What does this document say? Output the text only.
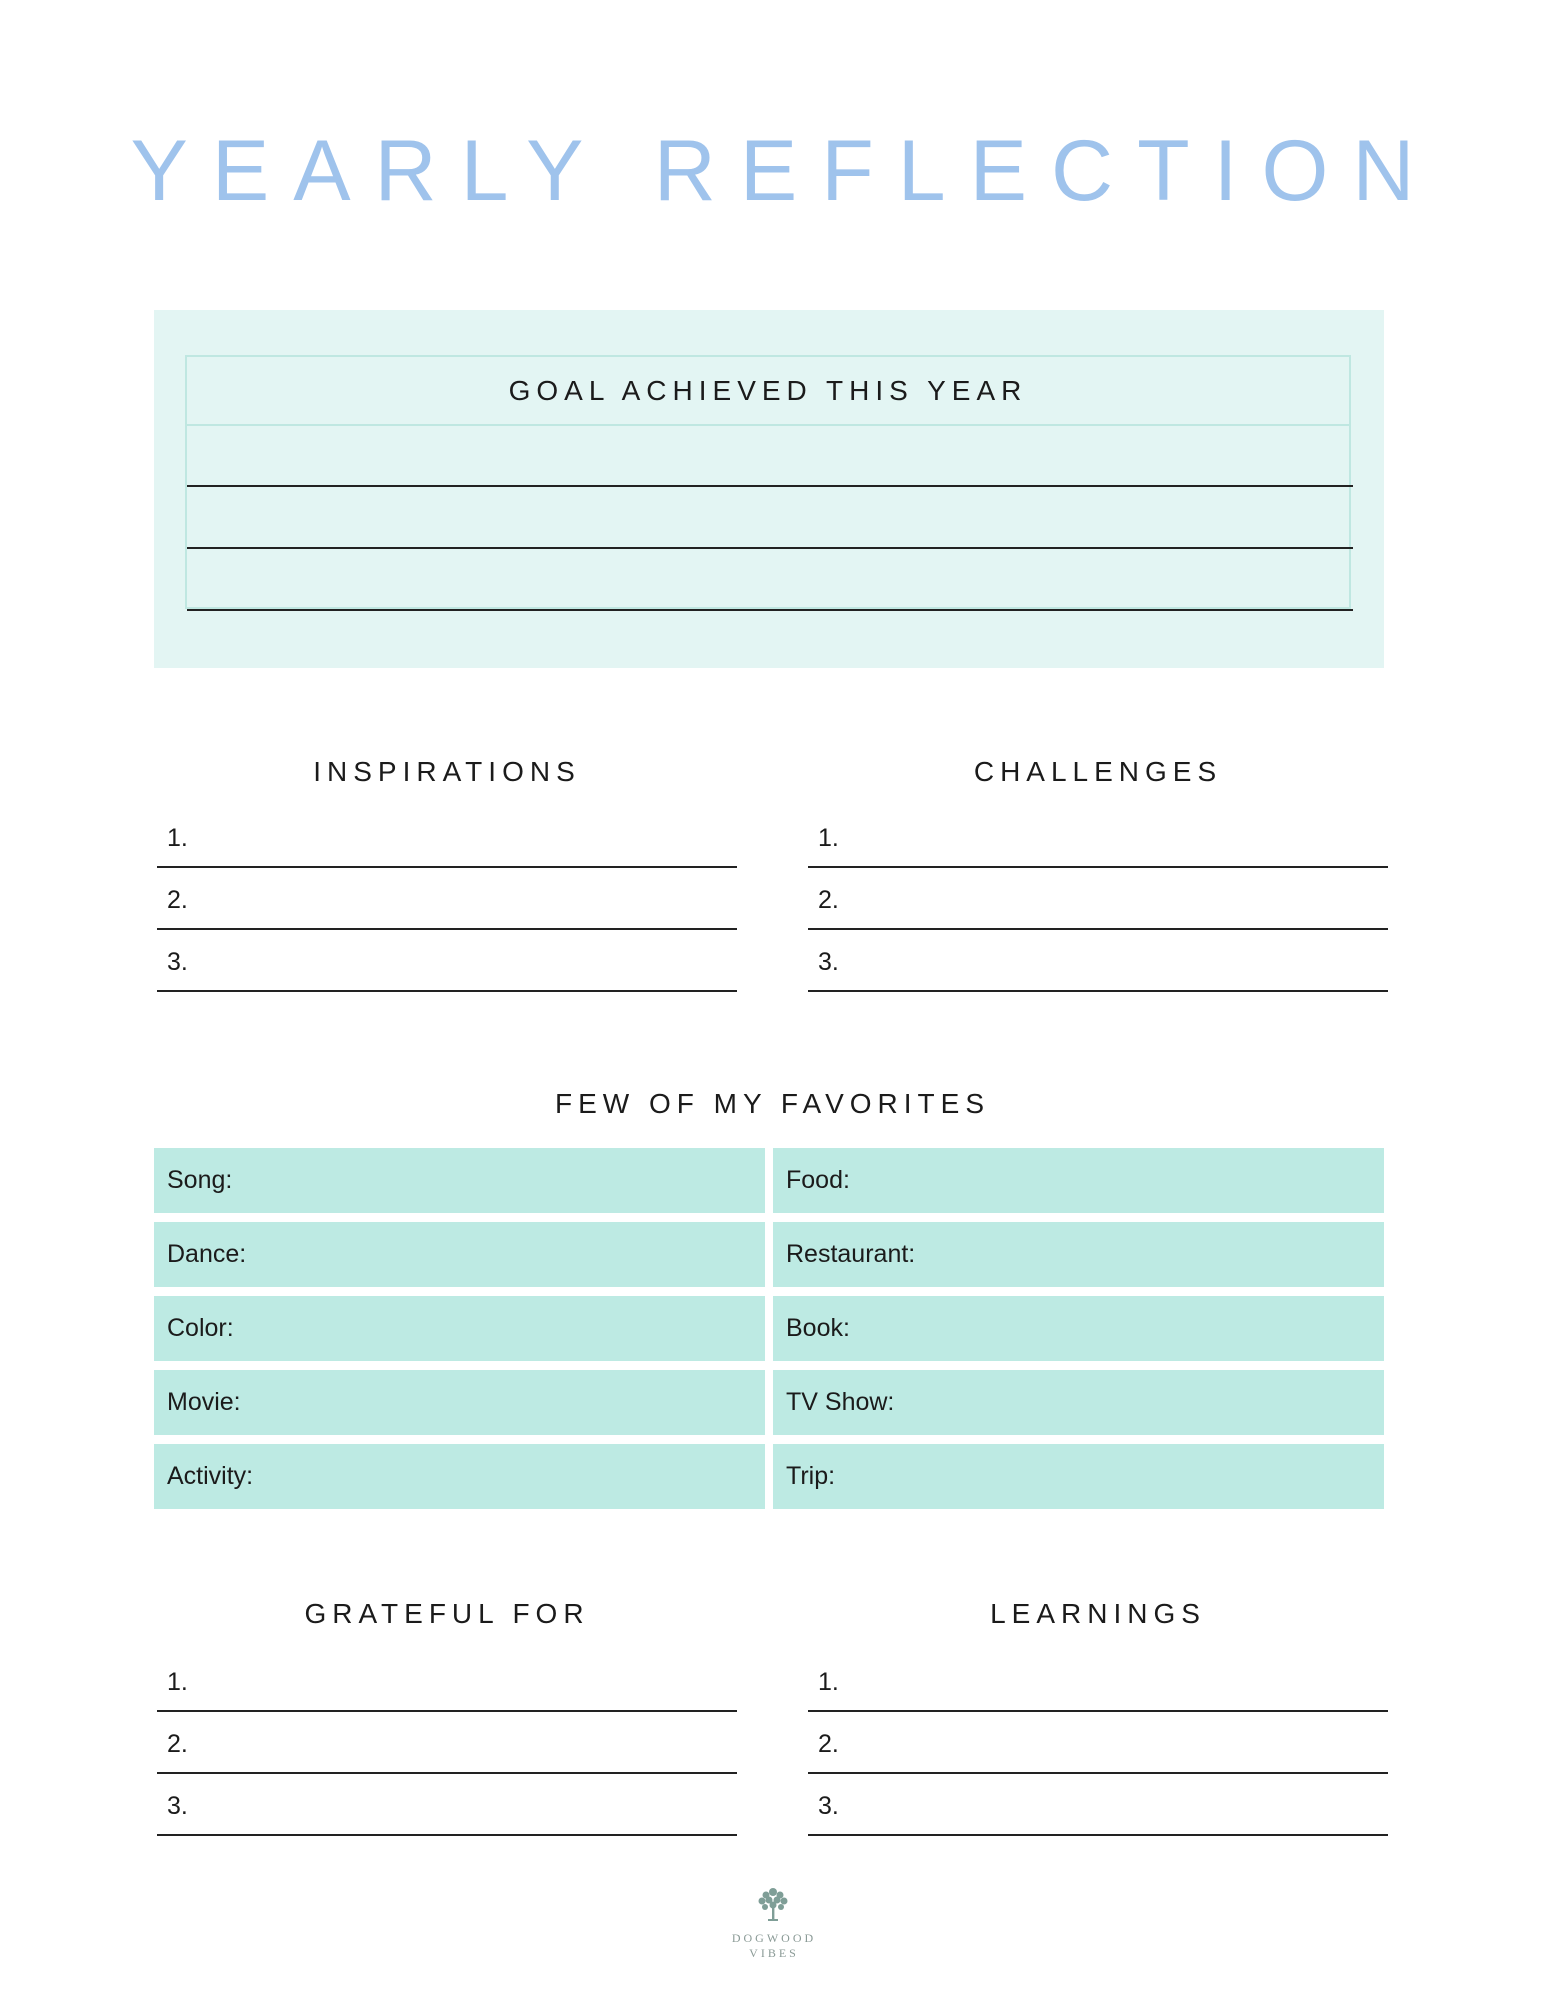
YEARLY REFLECTION
GOAL ACHIEVED THIS YEAR
INSPIRATIONS
1.
2.
3.
CHALLENGES
1.
2.
3.
FEW OF MY FAVORITES
Song:	Food:
Dance:	Restaurant:
Color:	Book:
Movie:	TV Show:
Activity:	Trip:
GRATEFUL FOR
1.
2.
3.
LEARNINGS
1.
2.
3.
DOGWOOD
VIBES
